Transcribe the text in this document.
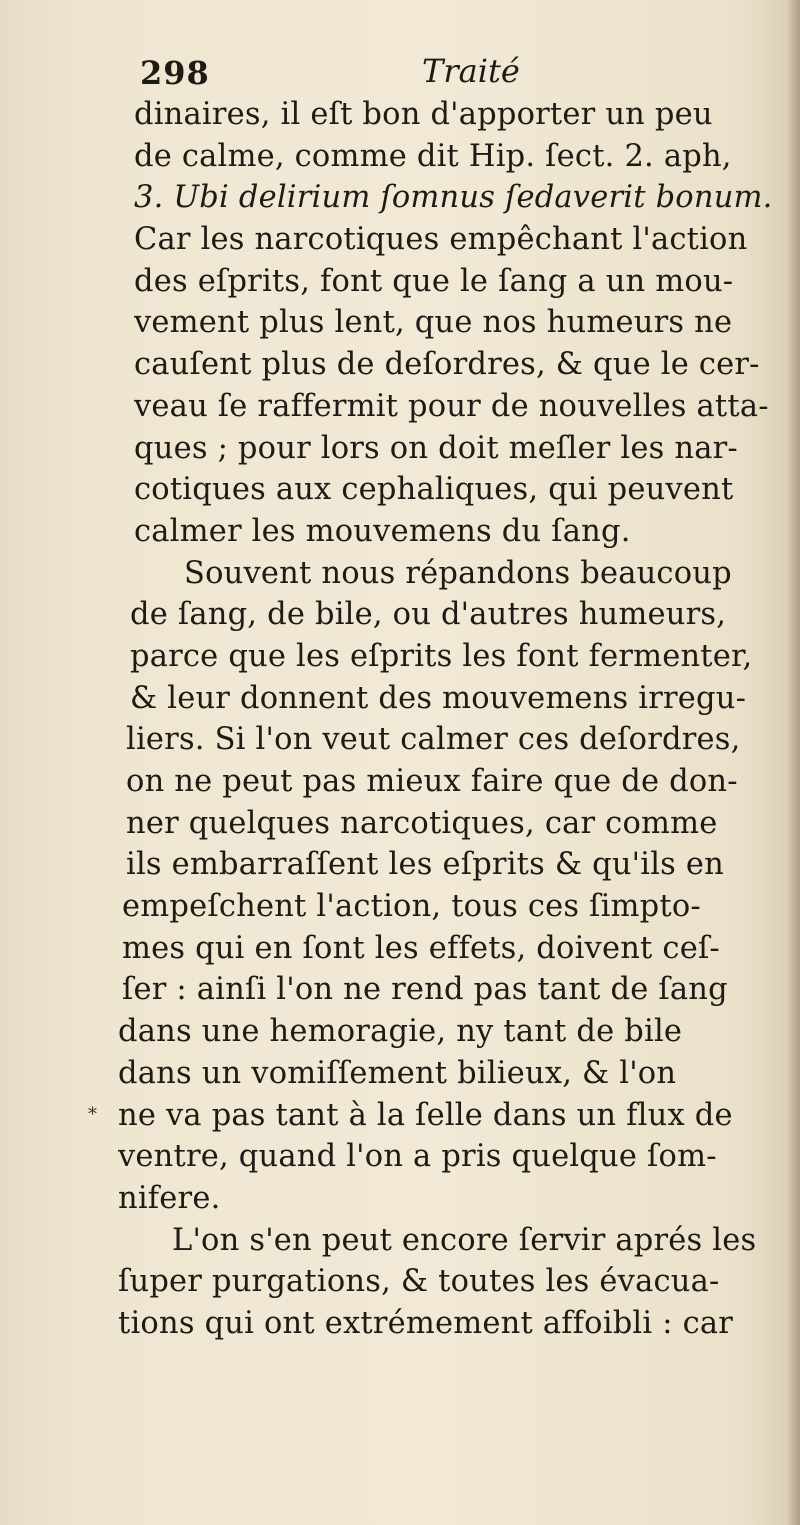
298	Traité
*
dinaires, il eſt bon d'apporter un peu
de calme, comme dit Hip. ſect. 2. aph,
3. Ubi delirium ſomnus ſedaverit bonum.
Car les narcotiques empêchant l'action
des eſprits, font que le ſang a un mou-
vement plus lent, que nos humeurs ne
cauſent plus de deſordres, & que le cer-
veau ſe raffermit pour de nouvelles atta-
ques ; pour lors on doit meſler les nar-
cotiques aux cephaliques, qui peuvent
calmer les mouvemens du ſang.
Souvent nous répandons beaucoup
de ſang, de bile, ou d'autres humeurs,
parce que les eſprits les font fermenter,
& leur donnent des mouvemens irregu-
liers. Si l'on veut calmer ces deſordres,
on ne peut pas mieux faire que de don-
ner quelques narcotiques, car comme
ils embarraſſent les eſprits & qu'ils en
empeſchent l'action, tous ces ſimpto-
mes qui en ſont les effets, doivent ceſ-
ſer : ainſi l'on ne rend pas tant de ſang
dans une hemoragie, ny tant de bile
dans un vomiſſement bilieux, & l'on
ne va pas tant à la ſelle dans un flux de
ventre, quand l'on a pris quelque ſom-
nifere.
L'on s'en peut encore ſervir aprés les
ſuper purgations, & toutes les évacua-
tions qui ont extrémement affoibli : car
